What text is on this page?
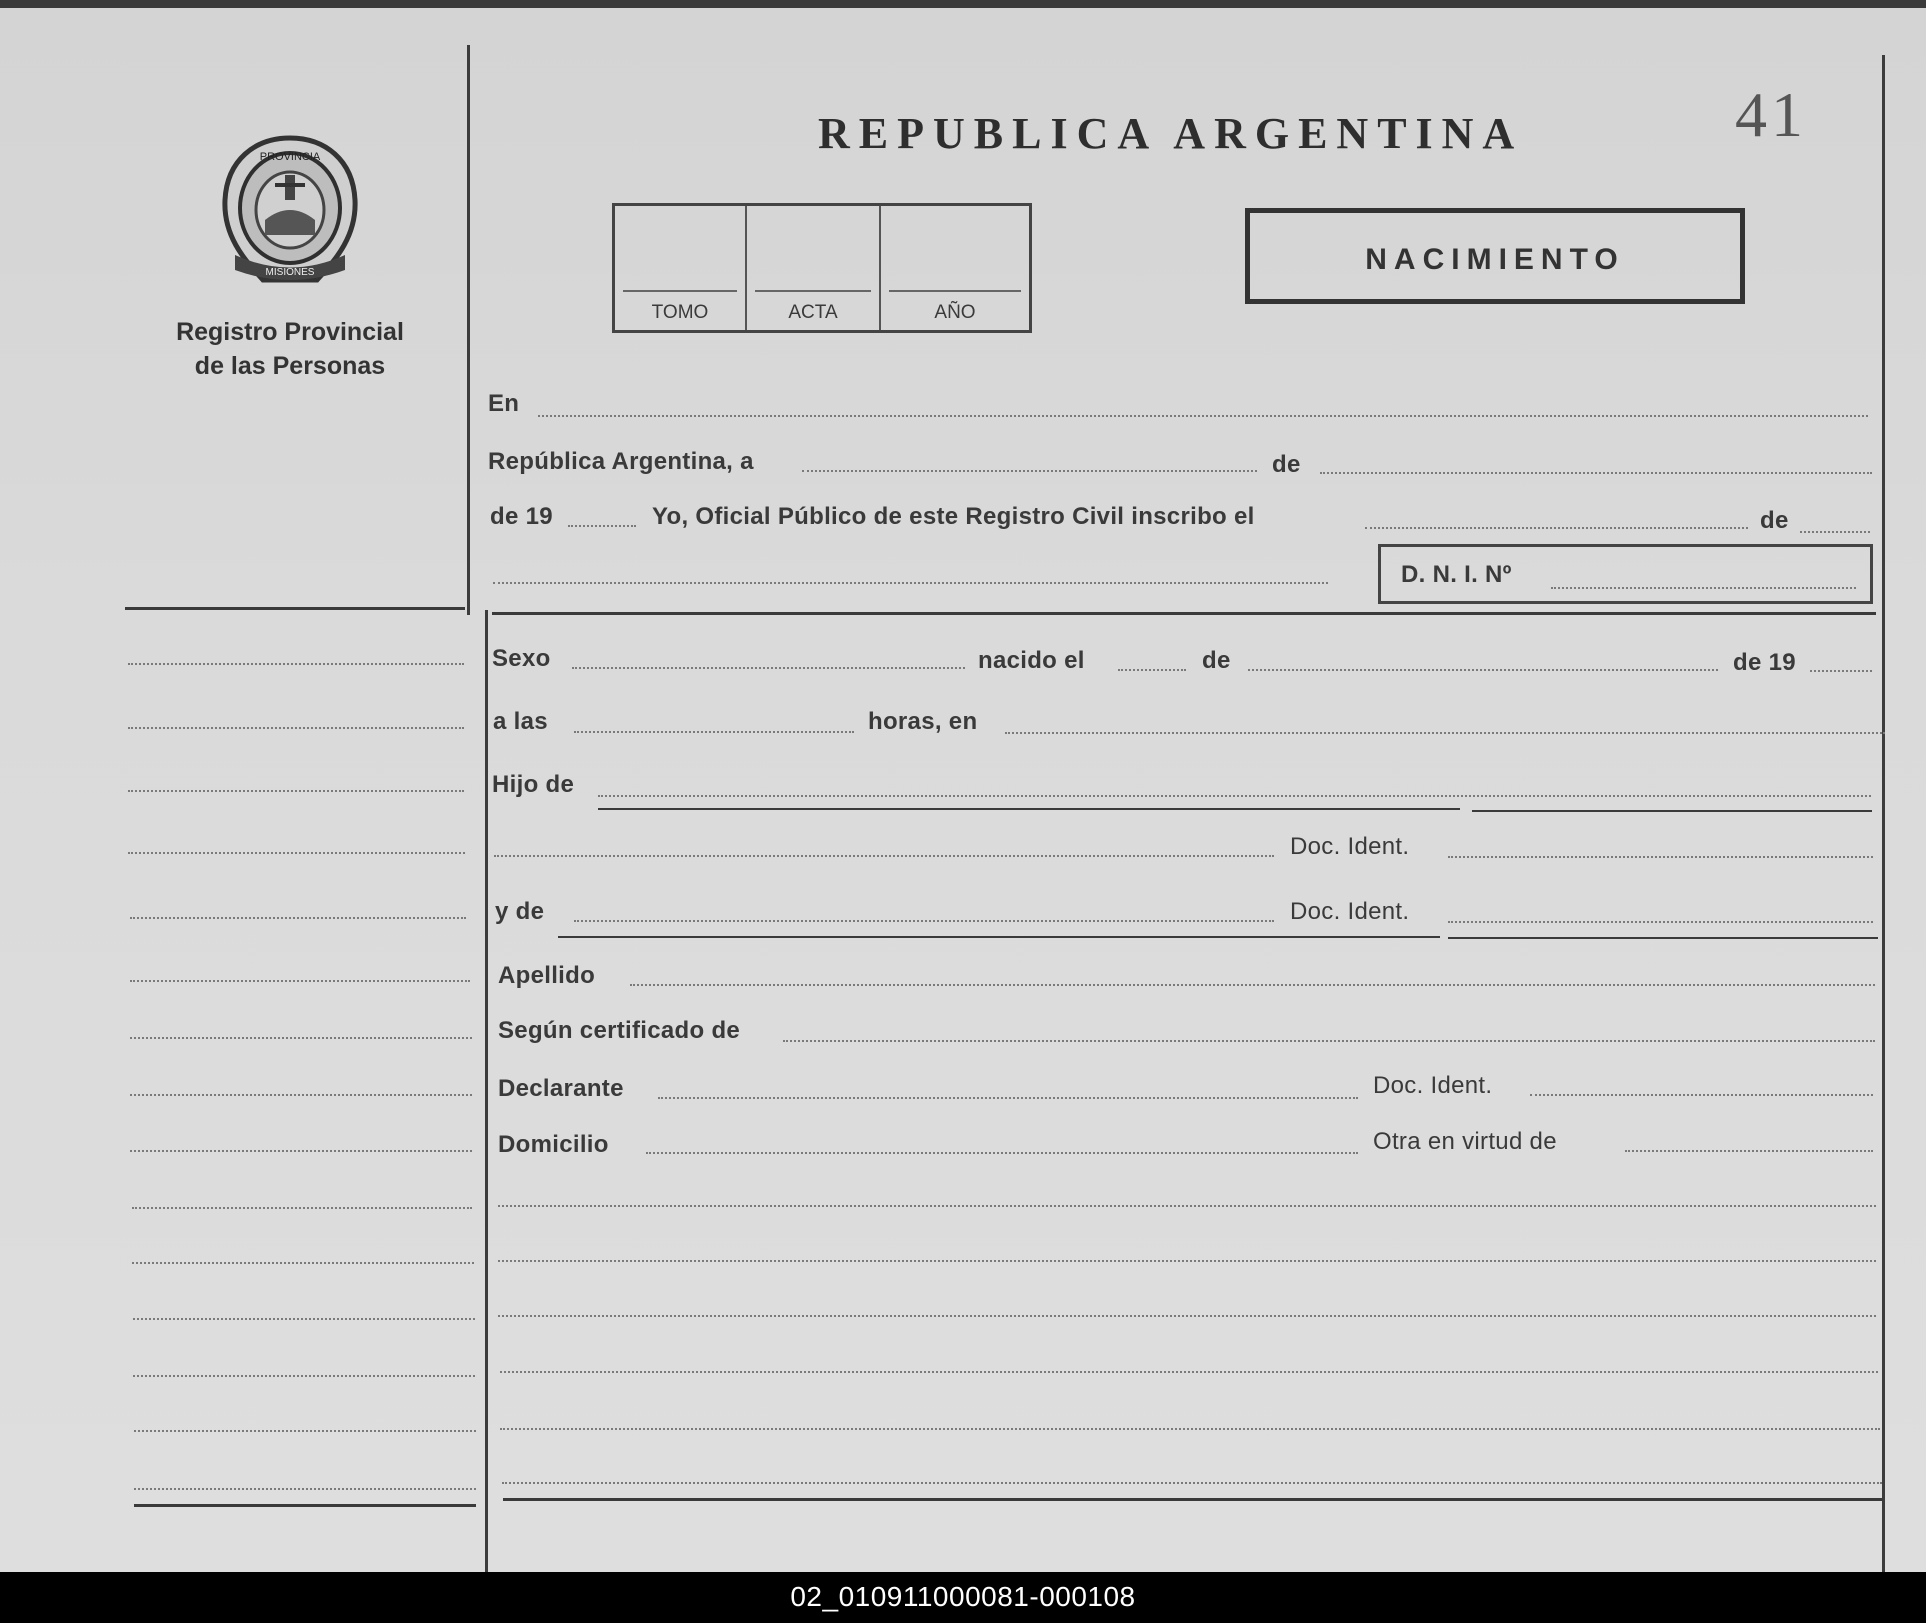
PROVINCIA
MISIONES
Registro Provincial
de las Personas
REPUBLICA ARGENTINA	41
TOMO	ACTA	AÑO
NACIMIENTO
En
República Argentina, a	de
de 19	Yo, Oficial Público de este Registro Civil inscribo el	de
D. N. I. Nº
Sexo	nacido el	de	de 19
a las	horas, en
Hijo de
Doc. Ident.
y de	Doc. Ident.
Apellido
Según certificado de
Declarante	Doc. Ident.
Domicilio	Otra en virtud de
02_010911000081-000108
